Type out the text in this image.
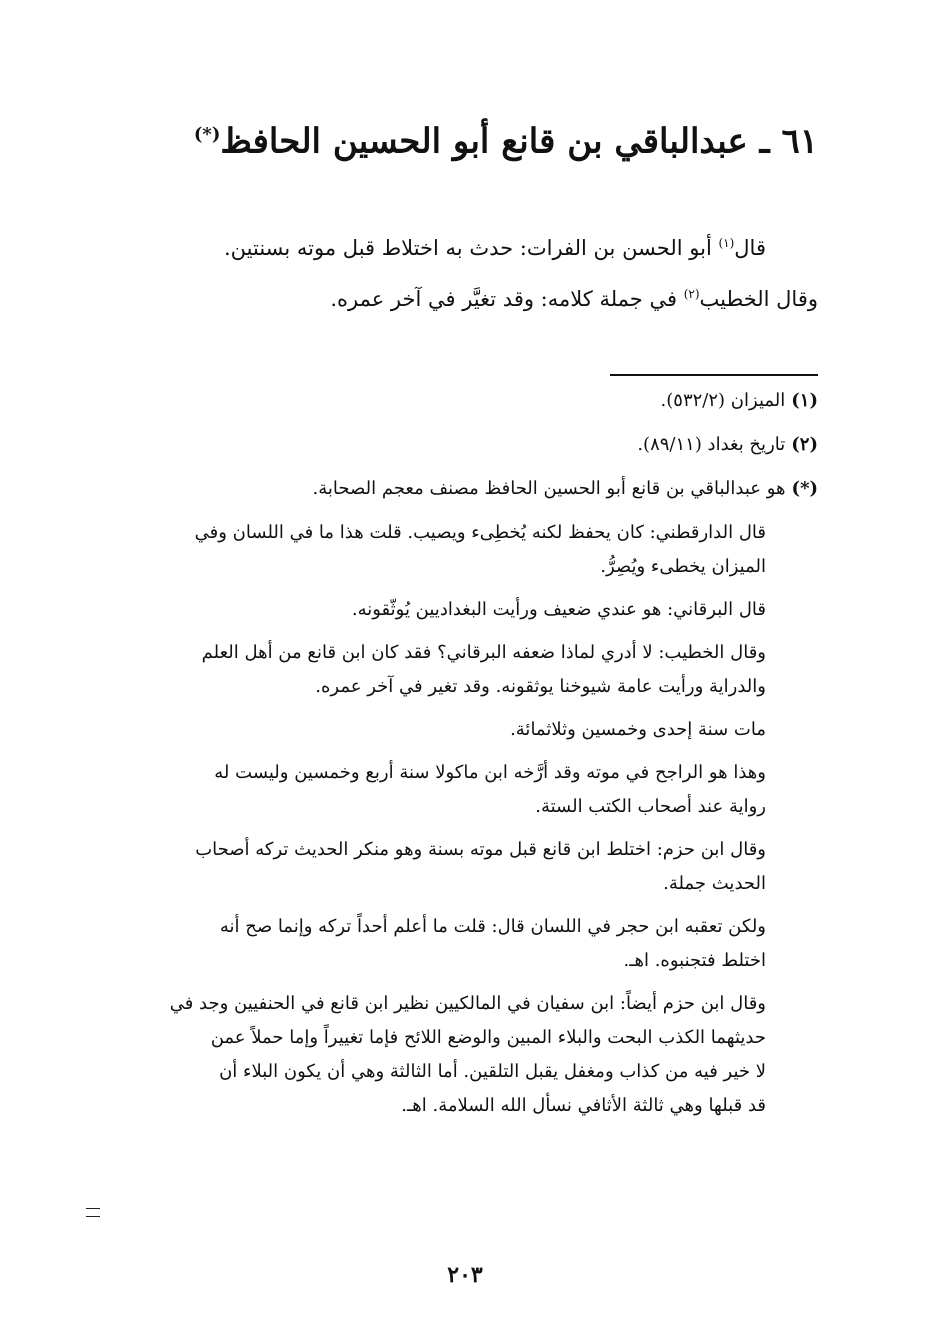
٦١ ـ عبدالباقي بن قانع أبو الحسين الحافظ(*)

قال$^{(١)}$ أبو الحسن بن الفرات: حدث به اختلاط قبل موته بسنتين.

وقال الخطيب$^{(٢)}$ في جملة كلامه: وقد تغيَّر في آخر عمره.

(١)الميزان (٥٣٢/٢).

(٢)تاريخ بغداد (٨٩/١١).

(*)هو عبدالباقي بن قانع أبو الحسين الحافظ مصنف معجم الصحابة.

قال الدارقطني: كان يحفظ لكنه يُخطِىء ويصيب. قلت هذا ما في اللسان وفي
الميزان يخطىء ويُصِرُّ.

قال البرقاني: هو عندي ضعيف ورأيت البغداديين يُوثّقونه.

وقال الخطيب: لا أدري لماذا ضعفه البرقاني؟ فقد كان ابن قانع من أهل العلم
والدراية ورأيت عامة شيوخنا يوثقونه. وقد تغير في آخر عمره.

مات سنة إحدى وخمسين وثلاثمائة.

وهذا هو الراجح في موته وقد أرَّخه ابن ماكولا سنة أربع وخمسين وليست له
رواية عند أصحاب الكتب الستة.

وقال ابن حزم: اختلط ابن قانع قبل موته بسنة وهو منكر الحديث تركه أصحاب
الحديث جملة.

ولكن تعقبه ابن حجر في اللسان قال: قلت ما أعلم أحداً تركه وإنما صح أنه
اختلط فتجنبوه. اهـ.

وقال ابن حزم أيضاً: ابن سفيان في المالكيين نظير ابن قانع في الحنفيين وجد في
حديثهما الكذب البحت والبلاء المبين والوضع اللائح فإما تغييراً وإما حملاً عمن
لا خير فيه من كذاب ومغفل يقبل التلقين. أما الثالثة وهي أن يكون البلاء أن
قد قبلها وهي ثالثة الأثافي نسأل الله السلامة. اهـ.

٢٠٣
